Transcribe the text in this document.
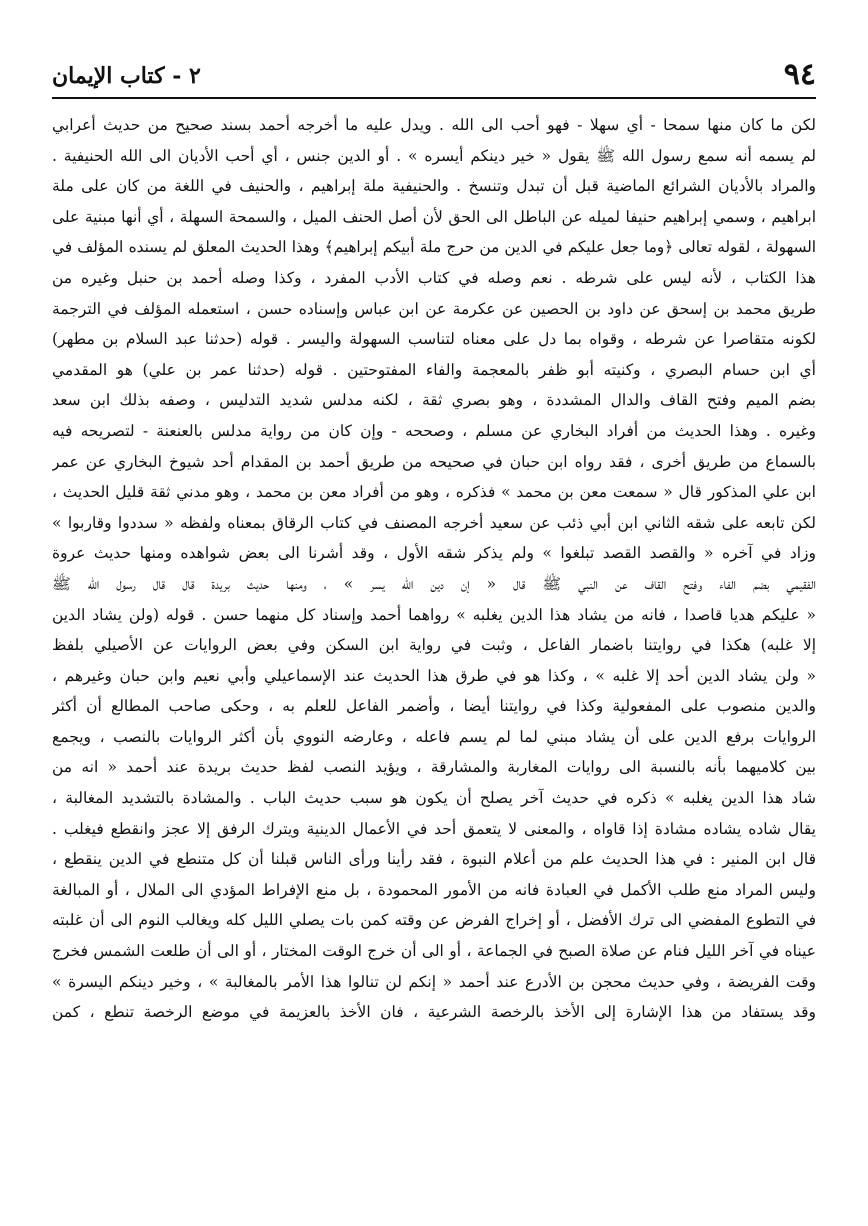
٩٤
٢ - كتاب الإيمان
لكن ما كان منها سمحا - أي سهلا - فهو أحب الى الله . ويدل عليه ما أخرجه أحمد بسند صحيح من حديث أعرابي
لم يسمه أنه سمع رسول الله ﷺ يقول « خير دينكم أيسره » . أو الدين جنس ، أي أحب الأديان الى الله الحنيفية .
والمراد بالأديان الشرائع الماضية قبل أن تبدل وتنسخ . والحنيفية ملة إبراهيم ، والحنيف في اللغة من كان على ملة
ابراهيم ، وسمي إبراهيم حنيفا لميله عن الباطل الى الحق لأن أصل الحنف الميل ، والسمحة السهلة ، أي أنها مبنية على
السهولة ، لقوله تعالى ﴿وما جعل عليكم في الدين من حرج ملة أبيكم إبراهيم﴾ وهذا الحديث المعلق لم يسنده المؤلف في
هذا الكتاب ، لأنه ليس على شرطه . نعم وصله في كتاب الأدب المفرد ، وكذا وصله أحمد بن حنبل وغيره من
طريق محمد بن إسحق عن داود بن الحصين عن عكرمة عن ابن عباس وإسناده حسن ، استعمله المؤلف في الترجمة
لكونه متقاصرا عن شرطه ، وقواه بما دل على معناه لتناسب السهولة واليسر . قوله (حدثنا عبد السلام بن مطهر)
أي ابن حسام البصري ، وكنيته أبو ظفر بالمعجمة والفاء المفتوحتين . قوله (حدثنا عمر بن علي) هو المقدمي
بضم الميم وفتح القاف والدال المشددة ، وهو بصري ثقة ، لكنه مدلس شديد التدليس ، وصفه بذلك ابن سعد
وغيره . وهذا الحديث من أفراد البخاري عن مسلم ، وصححه - وإن كان من رواية مدلس بالعنعنة - لتصريحه فيه
بالسماع من طريق أخرى ، فقد رواه ابن حبان في صحيحه من طريق أحمد بن المقدام أحد شيوخ البخاري عن عمر
ابن علي المذكور قال « سمعت معن بن محمد » فذكره ، وهو من أفراد معن بن محمد ، وهو مدني ثقة قليل الحديث ،
لكن تابعه على شقه الثاني ابن أبي ذئب عن سعيد أخرجه المصنف في كتاب الرقاق بمعناه ولفظه « سددوا وقاربوا »
وزاد في آخره « والقصد القصد تبلغوا » ولم يذكر شقه الأول ، وقد أشرنا الى بعض شواهده ومنها حديث عروة
الفقيمي بضم الفاء وفتح القاف عن النبي ﷺ قال « إن دين الله يسر » ، ومنها حديث بريدة قال قال رسول الله ﷺ
« عليكم هديا قاصدا ، فانه من يشاد هذا الدين يغلبه » رواهما أحمد وإسناد كل منهما حسن . قوله (ولن يشاد الدين
إلا غلبه) هكذا في روايتنا باضمار الفاعل ، وثبت في رواية ابن السكن وفي بعض الروايات عن الأصيلي بلفظ
« ولن يشاد الدين أحد إلا غلبه » ، وكذا هو في طرق هذا الحديث عند الإسماعيلي وأبي نعيم وابن حبان وغيرهم ،
والدين منصوب على المفعولية وكذا في روايتنا أيضا ، وأضمر الفاعل للعلم به ، وحكى صاحب المطالع أن أكثر
الروايات برفع الدين على أن يشاد مبني لما لم يسم فاعله ، وعارضه النووي بأن أكثر الروايات بالنصب ، ويجمع
بين كلاميهما بأنه بالنسبة الى روايات المغاربة والمشارقة ، ويؤيد النصب لفظ حديث بريدة عند أحمد « انه من
شاد هذا الدين يغلبه » ذكره في حديث آخر يصلح أن يكون هو سبب حديث الباب . والمشادة بالتشديد المغالبة ،
يقال شاده يشاده مشادة إذا قاواه ، والمعنى لا يتعمق أحد في الأعمال الدينية ويترك الرفق إلا عجز وانقطع فيغلب .
قال ابن المنير : في هذا الحديث علم من أعلام النبوة ، فقد رأينا ورأى الناس قبلنا أن كل متنطع في الدين ينقطع ،
وليس المراد منع طلب الأكمل في العبادة فانه من الأمور المحمودة ، بل منع الإفراط المؤدي الى الملال ، أو المبالغة
في التطوع المفضي الى ترك الأفضل ، أو إخراج الفرض عن وقته كمن بات يصلي الليل كله ويغالب النوم الى أن غلبته
عيناه في آخر الليل فنام عن صلاة الصبح في الجماعة ، أو الى أن خرج الوقت المختار ، أو الى أن طلعت الشمس فخرج
وقت الفريضة ، وفي حديث محجن بن الأدرع عند أحمد « إنكم لن تنالوا هذا الأمر بالمغالبة » ، وخير دينكم اليسرة »
وقد يستفاد من هذا الإشارة إلى الأخذ بالرخصة الشرعية ، فان الأخذ بالعزيمة في موضع الرخصة تنطع ، كمن
